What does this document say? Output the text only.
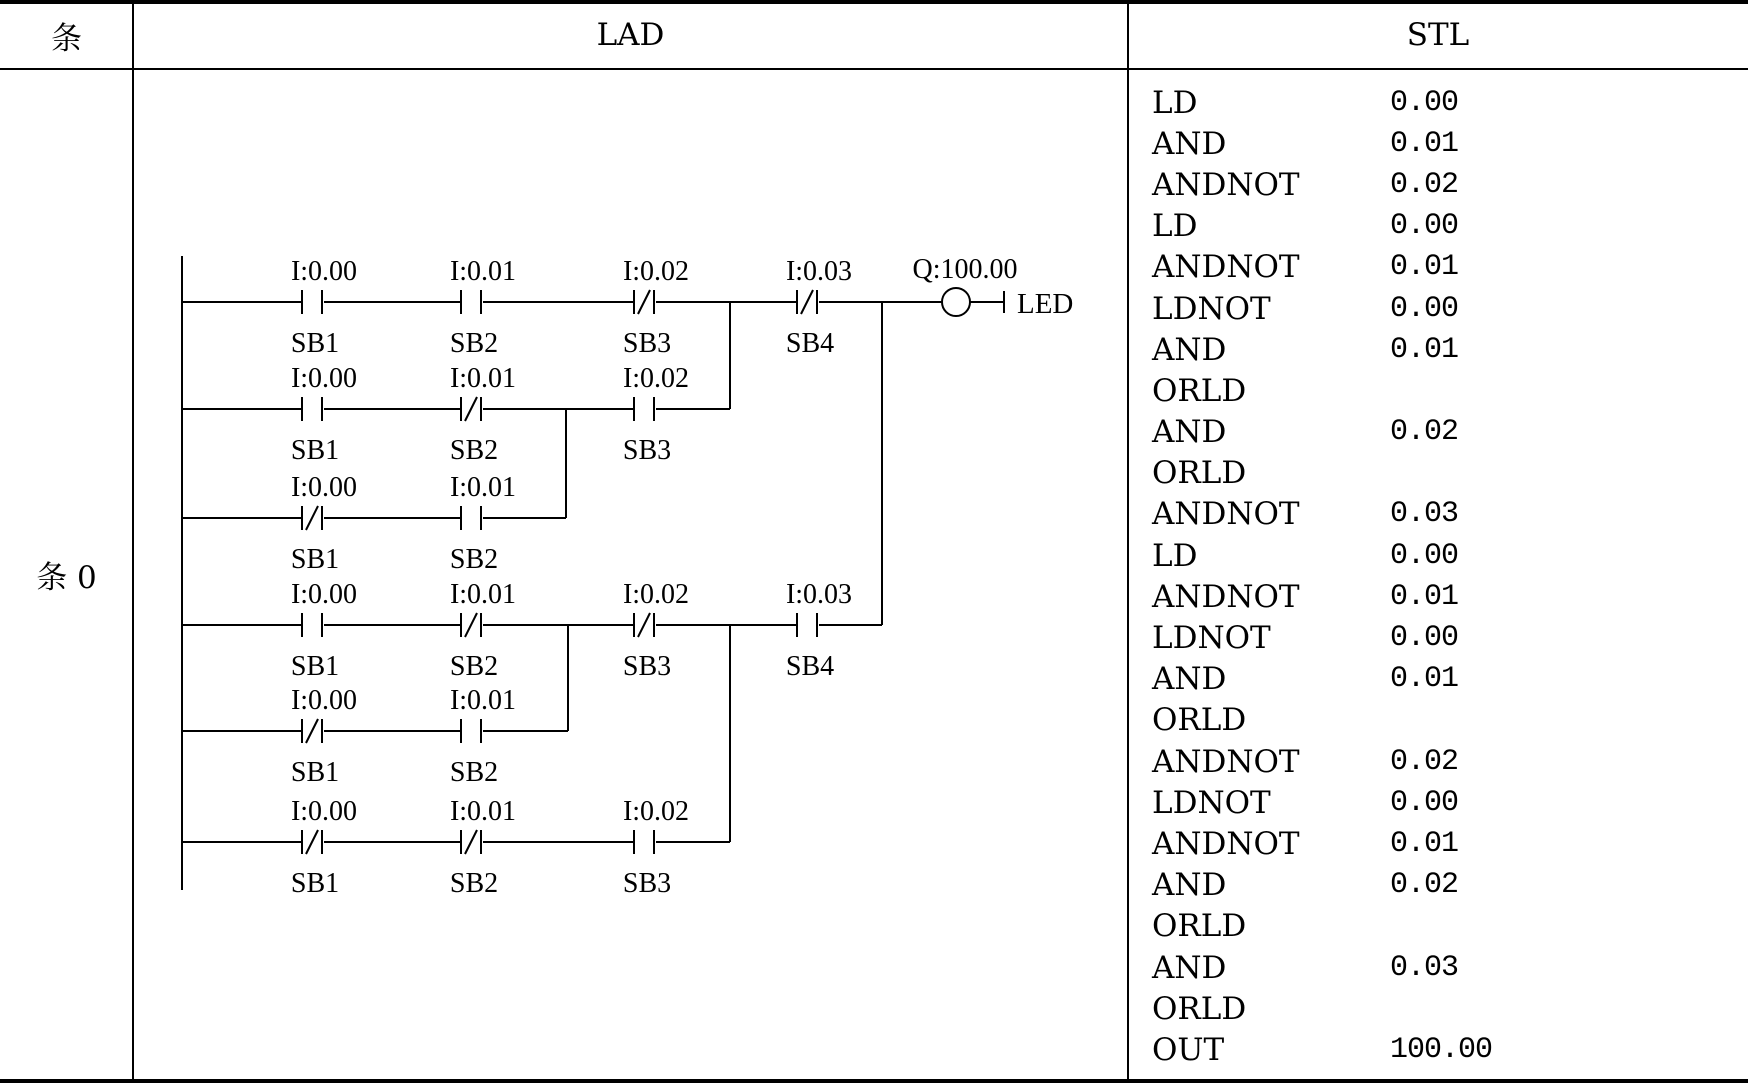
条	LAD	STL
条 0
I:0.00
SB1
I:0.01
SB2
I:0.02
SB3
I:0.03
SB4
I:0.00
SB1
I:0.01
SB2
I:0.02
SB3
I:0.00
SB1
I:0.01
SB2
I:0.00
SB1
I:0.01
SB2
I:0.02
SB3
I:0.03
SB4
I:0.00
SB1
I:0.01
SB2
I:0.00
SB1
I:0.01
SB2
I:0.02
SB3
Q:100.00
LED
LD	0.00
AND	0.01
ANDNOT	0.02
LD	0.00
ANDNOT	0.01
LDNOT	0.00
AND	0.01
ORLD
AND	0.02
ORLD
ANDNOT	0.03
LD	0.00
ANDNOT	0.01
LDNOT	0.00
AND	0.01
ORLD
ANDNOT	0.02
LDNOT	0.00
ANDNOT	0.01
AND	0.02
ORLD
AND	0.03
ORLD
OUT	100.00
